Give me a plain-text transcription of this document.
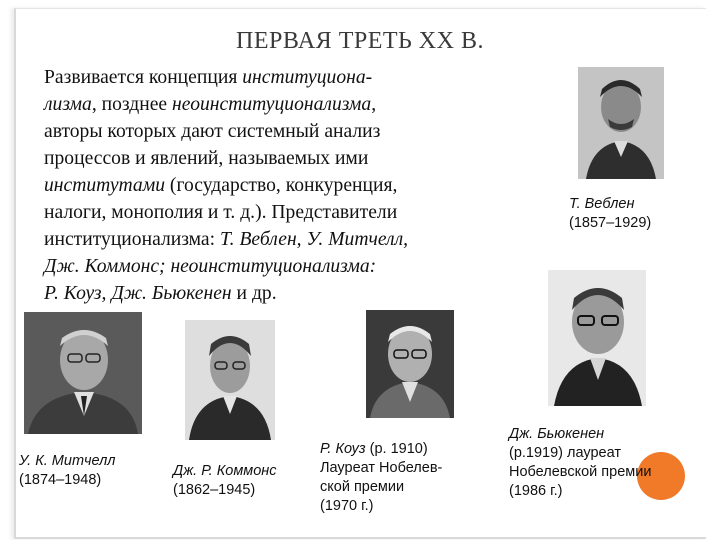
ПЕРВАЯ ТРЕТЬ XX В.

Развивается концепция институциона-

лизма, позднее неоинституционализма,

авторы которых дают системный анализ

процессов и явлений, называемых ими

институтами (государство, конкуренция,

налоги, монополия и т. д.). Представители

институционализма: Т. Веблен, У. Митчелл,

Дж. Коммонс; неоинституционализма:

Р. Коуз, Дж. Бьюкенен и др.

Т. Веблен
(1857–1929)
У. К. Митчелл
(1874–1948)
Дж. Р. Коммонс
(1862–1945)
Р. Коуз (р. 1910)
Лауреат Нобелев-
ской премии
(1970 г.)
Дж. Бьюкенен
(р.1919) лауреат
Нобелевской премии
(1986 г.)
